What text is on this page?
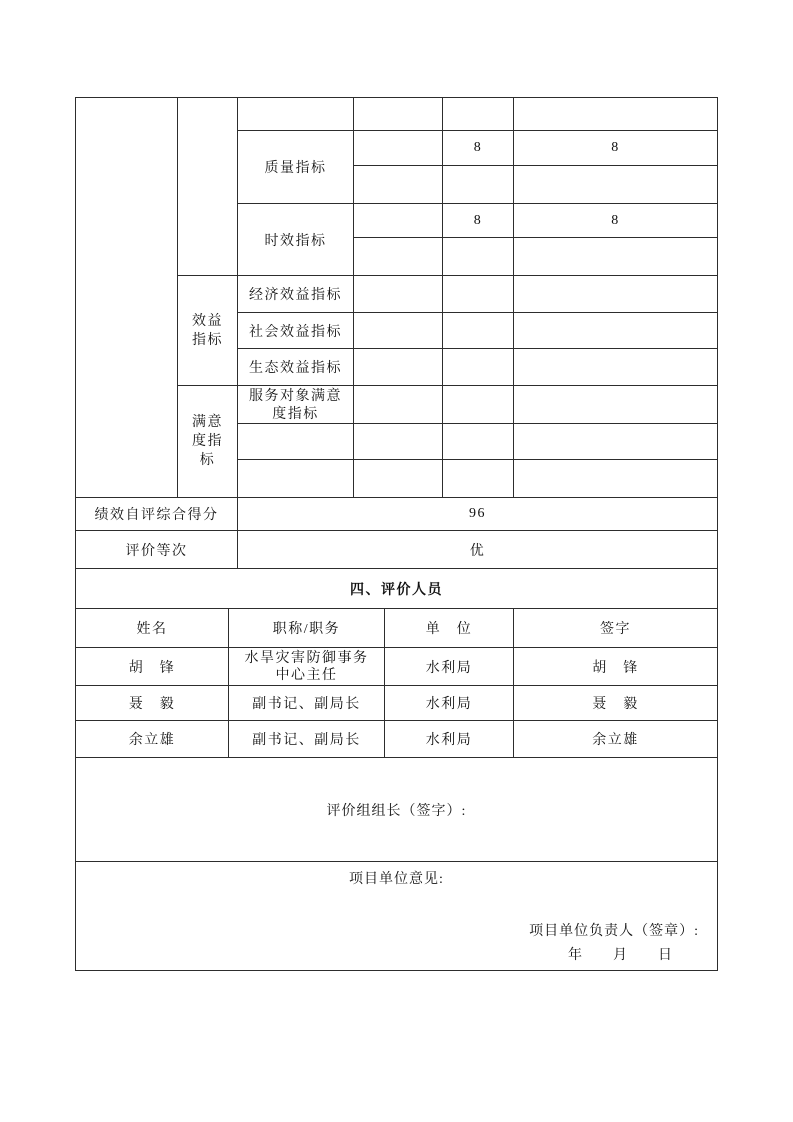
			质量指标			8	8

			时效指标			8	8

	效益指标		经济效益指标				
			社会效益指标				
			生态效益指标				

	满意度指标		服务对象满意度指标				

绩效自评综合得分			96				
评价等次			优				
四、评价人员							
姓名		职称/职务			单　位		签字
胡　锋		水旱灾害防御事务中心主任			水利局		胡　锋
聂　毅		副书记、副局长			水利局		聂　毅
余立雄		副书记、副局长			水利局		余立雄

评价组组长（签字）:							

项目单位意见:
项目单位负责人（签章）:
年　　月　　日							
